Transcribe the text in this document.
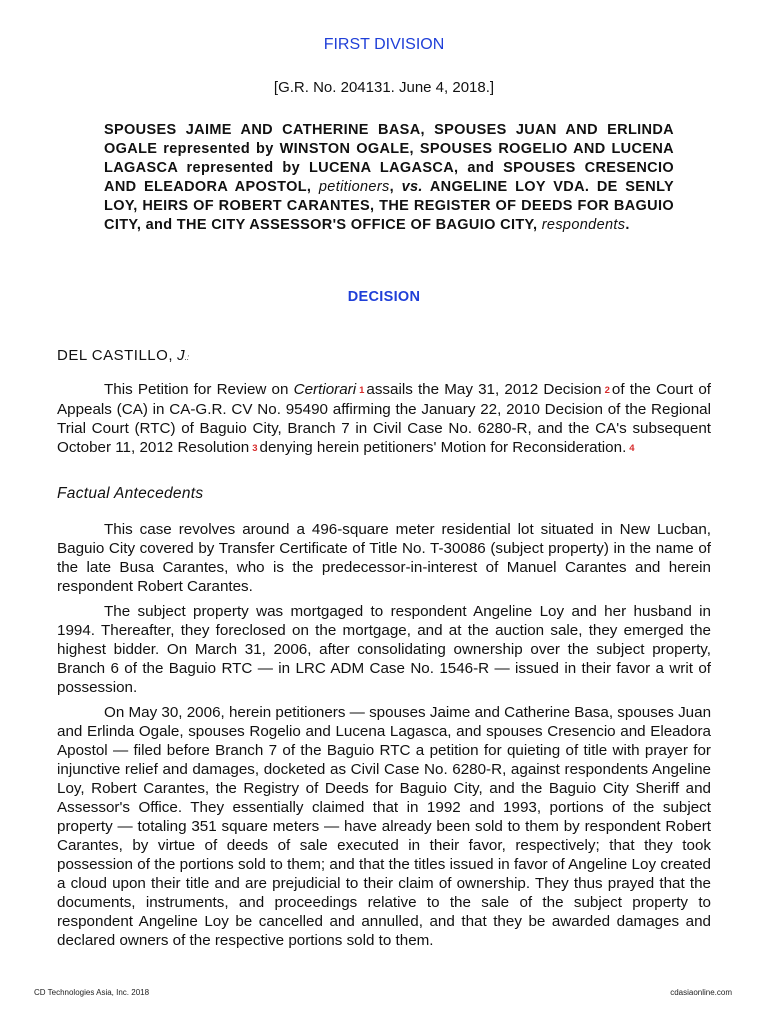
FIRST DIVISION
[G.R. No. 204131. June 4, 2018.]
SPOUSES JAIME AND CATHERINE BASA, SPOUSES JUAN AND ERLINDA OGALE represented by WINSTON OGALE, SPOUSES ROGELIO AND LUCENA LAGASCA represented by LUCENA LAGASCA, and SPOUSES CRESENCIO AND ELEADORA APOSTOL, petitioners, vs. ANGELINE LOY VDA. DE SENLY LOY, HEIRS OF ROBERT CARANTES, THE REGISTER OF DEEDS FOR BAGUIO CITY, and THE CITY ASSESSOR'S OFFICE OF BAGUIO CITY, respondents.
DECISION
DEL CASTILLO, J.:
This Petition for Review on Certiorari 1 assails the May 31, 2012 Decision 2 of the Court of Appeals (CA) in CA-G.R. CV No. 95490 affirming the January 22, 2010 Decision of the Regional Trial Court (RTC) of Baguio City, Branch 7 in Civil Case No. 6280-R, and the CA's subsequent October 11, 2012 Resolution 3 denying herein petitioners' Motion for Reconsideration. 4
Factual Antecedents
This case revolves around a 496-square meter residential lot situated in New Lucban, Baguio City covered by Transfer Certificate of Title No. T-30086 (subject property) in the name of the late Busa Carantes, who is the predecessor-in-interest of Manuel Carantes and herein respondent Robert Carantes.
The subject property was mortgaged to respondent Angeline Loy and her husband in 1994. Thereafter, they foreclosed on the mortgage, and at the auction sale, they emerged the highest bidder. On March 31, 2006, after consolidating ownership over the subject property, Branch 6 of the Baguio RTC — in LRC ADM Case No. 1546-R — issued in their favor a writ of possession.
On May 30, 2006, herein petitioners — spouses Jaime and Catherine Basa, spouses Juan and Erlinda Ogale, spouses Rogelio and Lucena Lagasca, and spouses Cresencio and Eleadora Apostol — filed before Branch 7 of the Baguio RTC a petition for quieting of title with prayer for injunctive relief and damages, docketed as Civil Case No. 6280-R, against respondents Angeline Loy, Robert Carantes, the Registry of Deeds for Baguio City, and the Baguio City Sheriff and Assessor's Office. They essentially claimed that in 1992 and 1993, portions of the subject property — totaling 351 square meters — have already been sold to them by respondent Robert Carantes, by virtue of deeds of sale executed in their favor, respectively; that they took possession of the portions sold to them; and that the titles issued in favor of Angeline Loy created a cloud upon their title and are prejudicial to their claim of ownership. They thus prayed that the documents, instruments, and proceedings relative to the sale of the subject property to respondent Angeline Loy be cancelled and annulled, and that they be awarded damages and declared owners of the respective portions sold to them.
CD Technologies Asia, Inc. 2018	cdasiaonline.com
